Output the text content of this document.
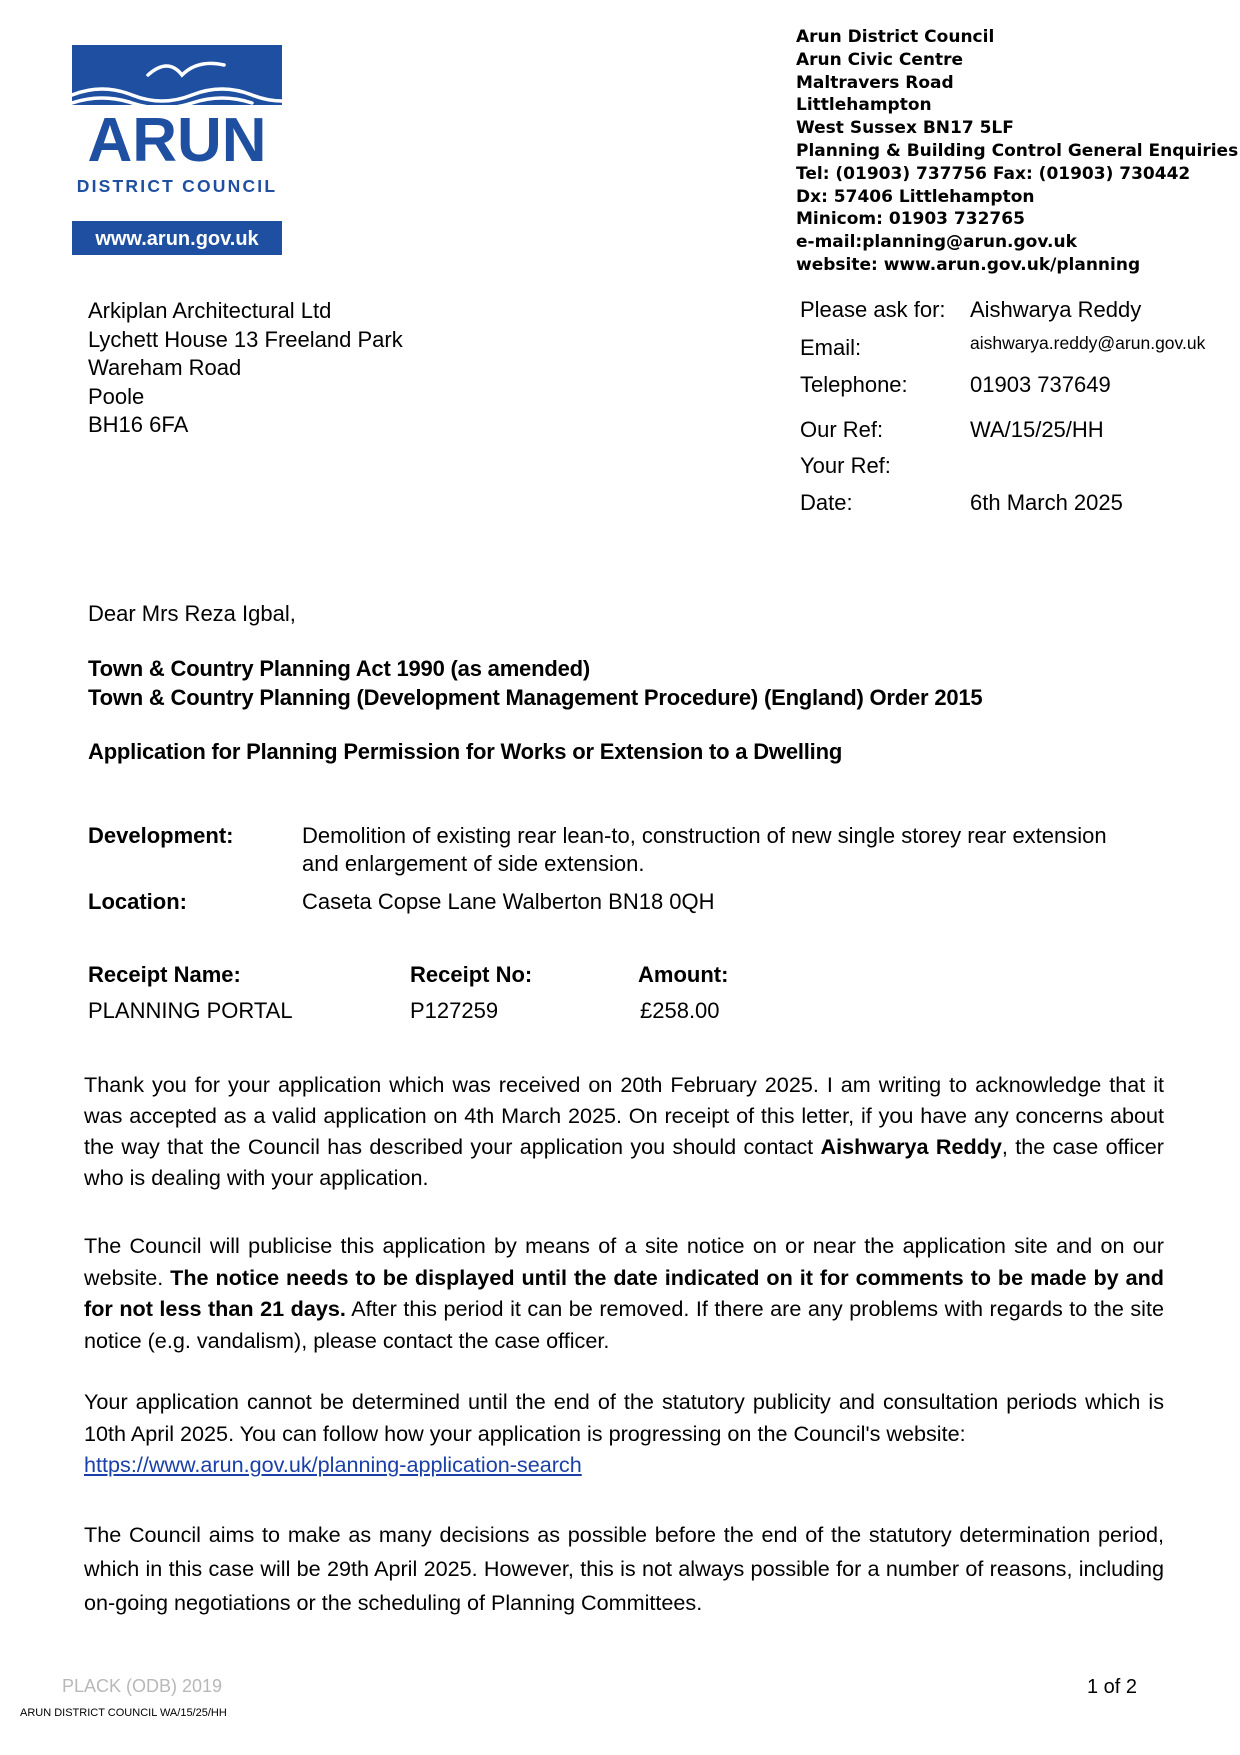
ARUN
DISTRICT COUNCIL
www.arun.gov.uk
Arun District Council
Arun Civic Centre
Maltravers Road
Littlehampton
West Sussex BN17 5LF
Planning & Building Control General Enquiries
Tel: (01903) 737756 Fax: (01903) 730442
Dx: 57406 Littlehampton
Minicom: 01903 732765
e-mail:planning@arun.gov.uk
website: www.arun.gov.uk/planning
Arkiplan Architectural Ltd
Lychett House 13 Freeland Park
Wareham Road
Poole
BH16 6FA
Please ask for: Aishwarya Reddy
Email:	aishwarya.reddy@arun.gov.uk
Telephone:	01903 737649
Our Ref:	WA/15/25/HH
Your Ref:
Date:	6th March 2025
Dear Mrs Reza Igbal,
Town & Country Planning Act 1990 (as amended)
Town & Country Planning (Development Management Procedure) (England) Order 2015
Application for Planning Permission for Works or Extension to a Dwelling
Development:	Demolition of existing rear lean-to, construction of new single storey rear extension
and enlargement of side extension.
Location:	Caseta Copse Lane Walberton BN18 0QH
Receipt Name:	Receipt No:	Amount:
PLANNING PORTAL	P127259	£258.00
Thank you for your application which was received on 20th February 2025. I am writing to acknowledge that it was accepted as a valid application on 4th March 2025. On receipt of this letter, if you have any concerns about the way that the Council has described your application you should contact Aishwarya Reddy, the case officer who is dealing with your application.
The Council will publicise this application by means of a site notice on or near the application site and on our website. The notice needs to be displayed until the date indicated on it for comments to be made by and for not less than 21 days. After this period it can be removed. If there are any problems with regards to the site notice (e.g. vandalism), please contact the case officer.
Your application cannot be determined until the end of the statutory publicity and consultation periods which is 10th April 2025. You can follow how your application is progressing on the Council's website:
https://www.arun.gov.uk/planning-application-search
The Council aims to make as many decisions as possible before the end of the statutory determination period, which in this case will be 29th April 2025. However, this is not always possible for a number of reasons, including on-going negotiations or the scheduling of Planning Committees.
PLACK (ODB) 2019	1 of 2
ARUN DISTRICT COUNCIL WA/15/25/HH
